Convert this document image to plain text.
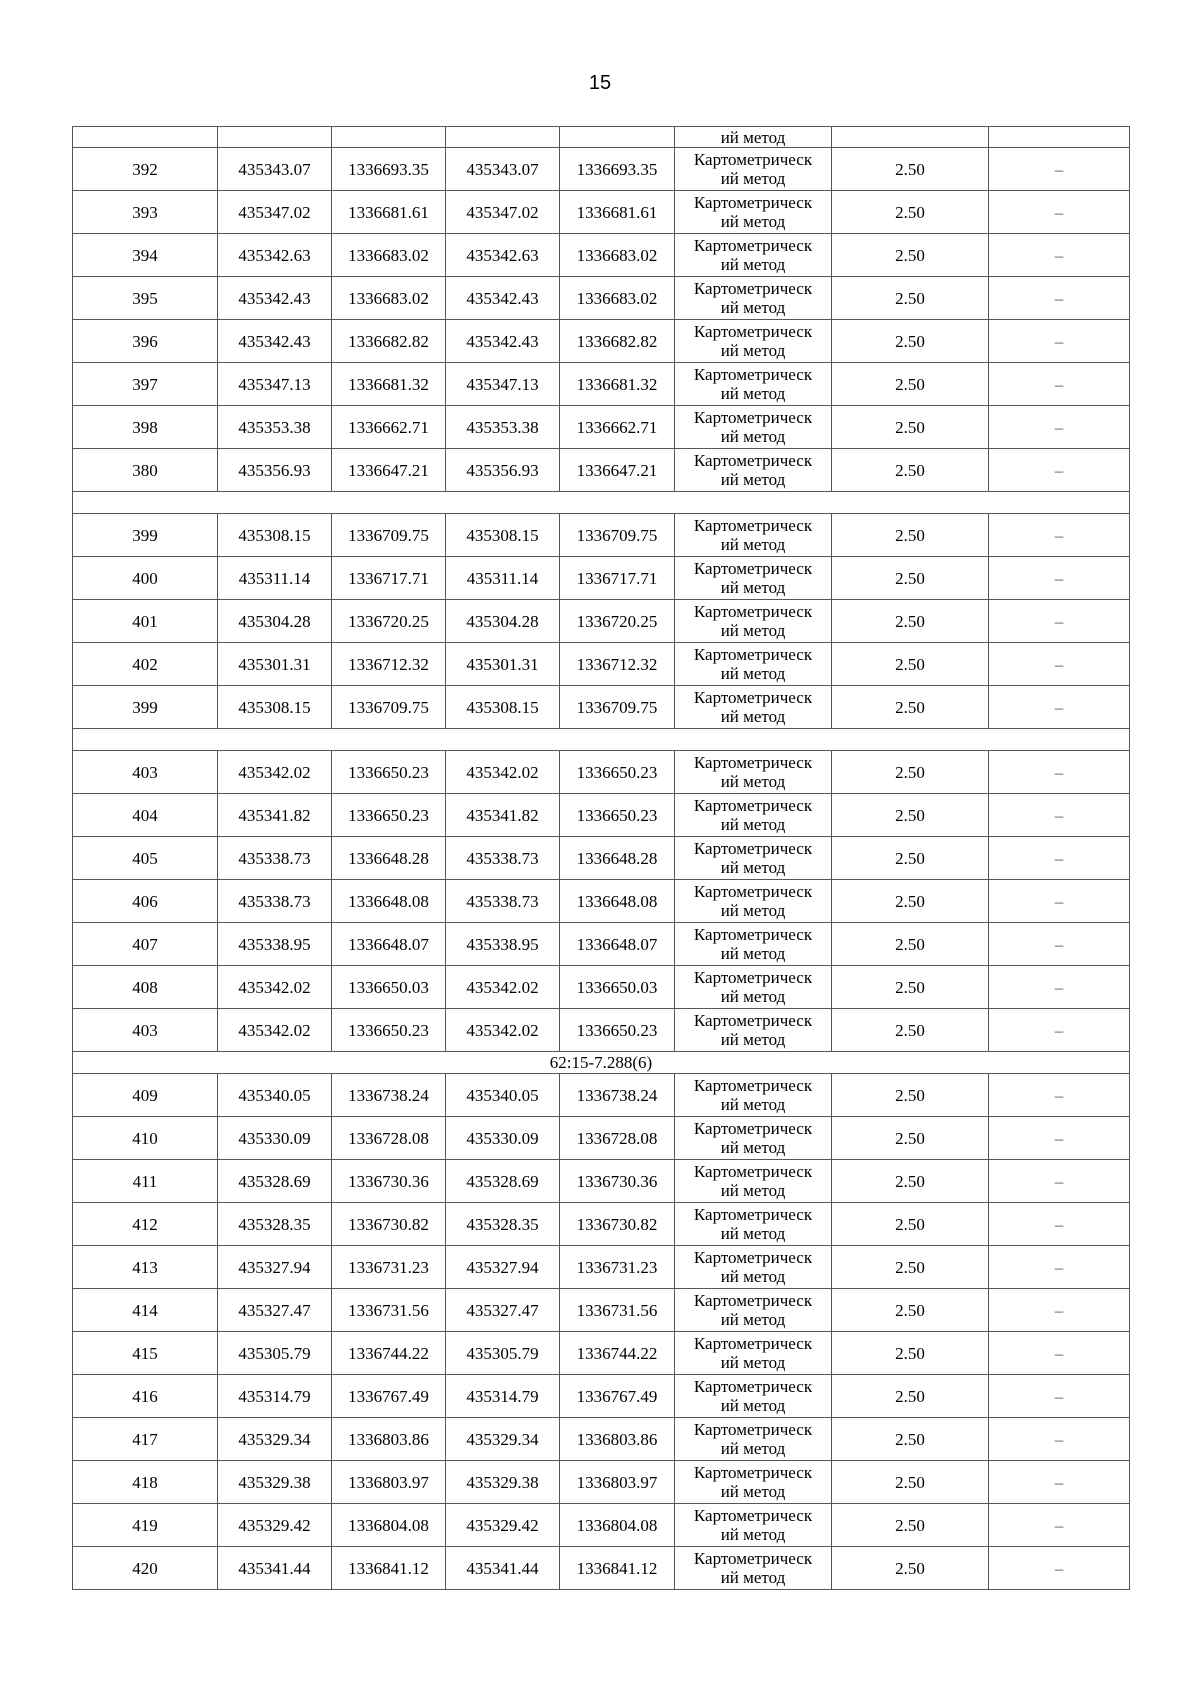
15
					ий метод		
392	435343.07	1336693.35	435343.07	1336693.35	Картометрическ
ий метод	2.50	–
393	435347.02	1336681.61	435347.02	1336681.61	Картометрическ
ий метод	2.50	–
394	435342.63	1336683.02	435342.63	1336683.02	Картометрическ
ий метод	2.50	–
395	435342.43	1336683.02	435342.43	1336683.02	Картометрическ
ий метод	2.50	–
396	435342.43	1336682.82	435342.43	1336682.82	Картометрическ
ий метод	2.50	–
397	435347.13	1336681.32	435347.13	1336681.32	Картометрическ
ий метод	2.50	–
398	435353.38	1336662.71	435353.38	1336662.71	Картометрическ
ий метод	2.50	–
380	435356.93	1336647.21	435356.93	1336647.21	Картометрическ
ий метод	2.50	–

399	435308.15	1336709.75	435308.15	1336709.75	Картометрическ
ий метод	2.50	–
400	435311.14	1336717.71	435311.14	1336717.71	Картометрическ
ий метод	2.50	–
401	435304.28	1336720.25	435304.28	1336720.25	Картометрическ
ий метод	2.50	–
402	435301.31	1336712.32	435301.31	1336712.32	Картометрическ
ий метод	2.50	–
399	435308.15	1336709.75	435308.15	1336709.75	Картометрическ
ий метод	2.50	–

403	435342.02	1336650.23	435342.02	1336650.23	Картометрическ
ий метод	2.50	–
404	435341.82	1336650.23	435341.82	1336650.23	Картометрическ
ий метод	2.50	–
405	435338.73	1336648.28	435338.73	1336648.28	Картометрическ
ий метод	2.50	–
406	435338.73	1336648.08	435338.73	1336648.08	Картометрическ
ий метод	2.50	–
407	435338.95	1336648.07	435338.95	1336648.07	Картометрическ
ий метод	2.50	–
408	435342.02	1336650.03	435342.02	1336650.03	Картометрическ
ий метод	2.50	–
403	435342.02	1336650.23	435342.02	1336650.23	Картометрическ
ий метод	2.50	–
62:15-7.288(6)							
409	435340.05	1336738.24	435340.05	1336738.24	Картометрическ
ий метод	2.50	–
410	435330.09	1336728.08	435330.09	1336728.08	Картометрическ
ий метод	2.50	–
411	435328.69	1336730.36	435328.69	1336730.36	Картометрическ
ий метод	2.50	–
412	435328.35	1336730.82	435328.35	1336730.82	Картометрическ
ий метод	2.50	–
413	435327.94	1336731.23	435327.94	1336731.23	Картометрическ
ий метод	2.50	–
414	435327.47	1336731.56	435327.47	1336731.56	Картометрическ
ий метод	2.50	–
415	435305.79	1336744.22	435305.79	1336744.22	Картометрическ
ий метод	2.50	–
416	435314.79	1336767.49	435314.79	1336767.49	Картометрическ
ий метод	2.50	–
417	435329.34	1336803.86	435329.34	1336803.86	Картометрическ
ий метод	2.50	–
418	435329.38	1336803.97	435329.38	1336803.97	Картометрическ
ий метод	2.50	–
419	435329.42	1336804.08	435329.42	1336804.08	Картометрическ
ий метод	2.50	–
420	435341.44	1336841.12	435341.44	1336841.12	Картометрическ
ий метод	2.50	–
